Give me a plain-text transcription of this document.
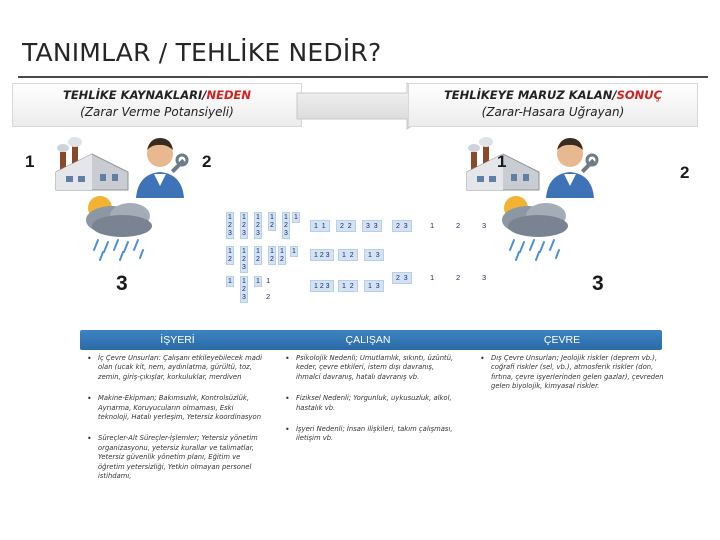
TANIMLAR / TEHLİKE NEDİR?
TEHLİKE KAYNAKLARI/NEDEN
(Zarar Verme Potansiyeli)
TEHLİKEYE MARUZ KALAN/SONUÇ
(Zarar-Hasara Uğrayan)
1	2
3
1
2
3
1
2
3
1
2
3
1
2
3
1
2
1
2
3
1
1  1	2  2	3  3	2  3	1	2	3
1
2
1
2
3
1
2
1
2
1
2
1
1 2 3	1  2	1  3
1 1
2
3
1 1

2
1 2 3	1  2	1  3
2  3	1	2	3
İŞYERİ	ÇALIŞAN	ÇEVRE
• İç Çevre Unsurları: Çalışanı etkileyebilecek madi olan (ucak kit, nem, aydınlatma, gürültü, toz, zemin, giriş-çıkışlar, korkuluklar, merdiven
• Makine-Ekipman; Bakımsızlık, Kontrolsüzlük, Ayrıarma, Koruyucuların olmaması, Eski teknoloji, Hatalı yerleşim, Yetersiz koordinasyon
• Süreçler-Alt Süreçler-İşlemler; Yetersiz yönetim organizasyonu, yetersiz kurallar ve talimatlar, Yetersiz güvenlik yönetim planı, Eğitim ve öğretim yetersizliği, Yetkin olmayan personel istihdamı,
• Psikolojik Nedenli; Umutlamlık, sıkıntı, üzüntü, keder, çevre etkileri, istem dışı davranış, ihmalci davranış, hatalı davranış vb.
• Fiziksel Nedenli; Yorgunluk, uykusuzluk, alkol, hastalık vb.
• İşyeri Nedenli; İnsan ilişkileri, takım çalışması, iletişim vb.
• Dış Çevre Unsurları; Jeolojik riskler (deprem vb.), coğrafi riskler (sel, vb.), atmosferik riskler (don, fırtına, çevre işyerlerinden gelen gazlar), çevreden gelen biyolojik, kimyasal riskler.
